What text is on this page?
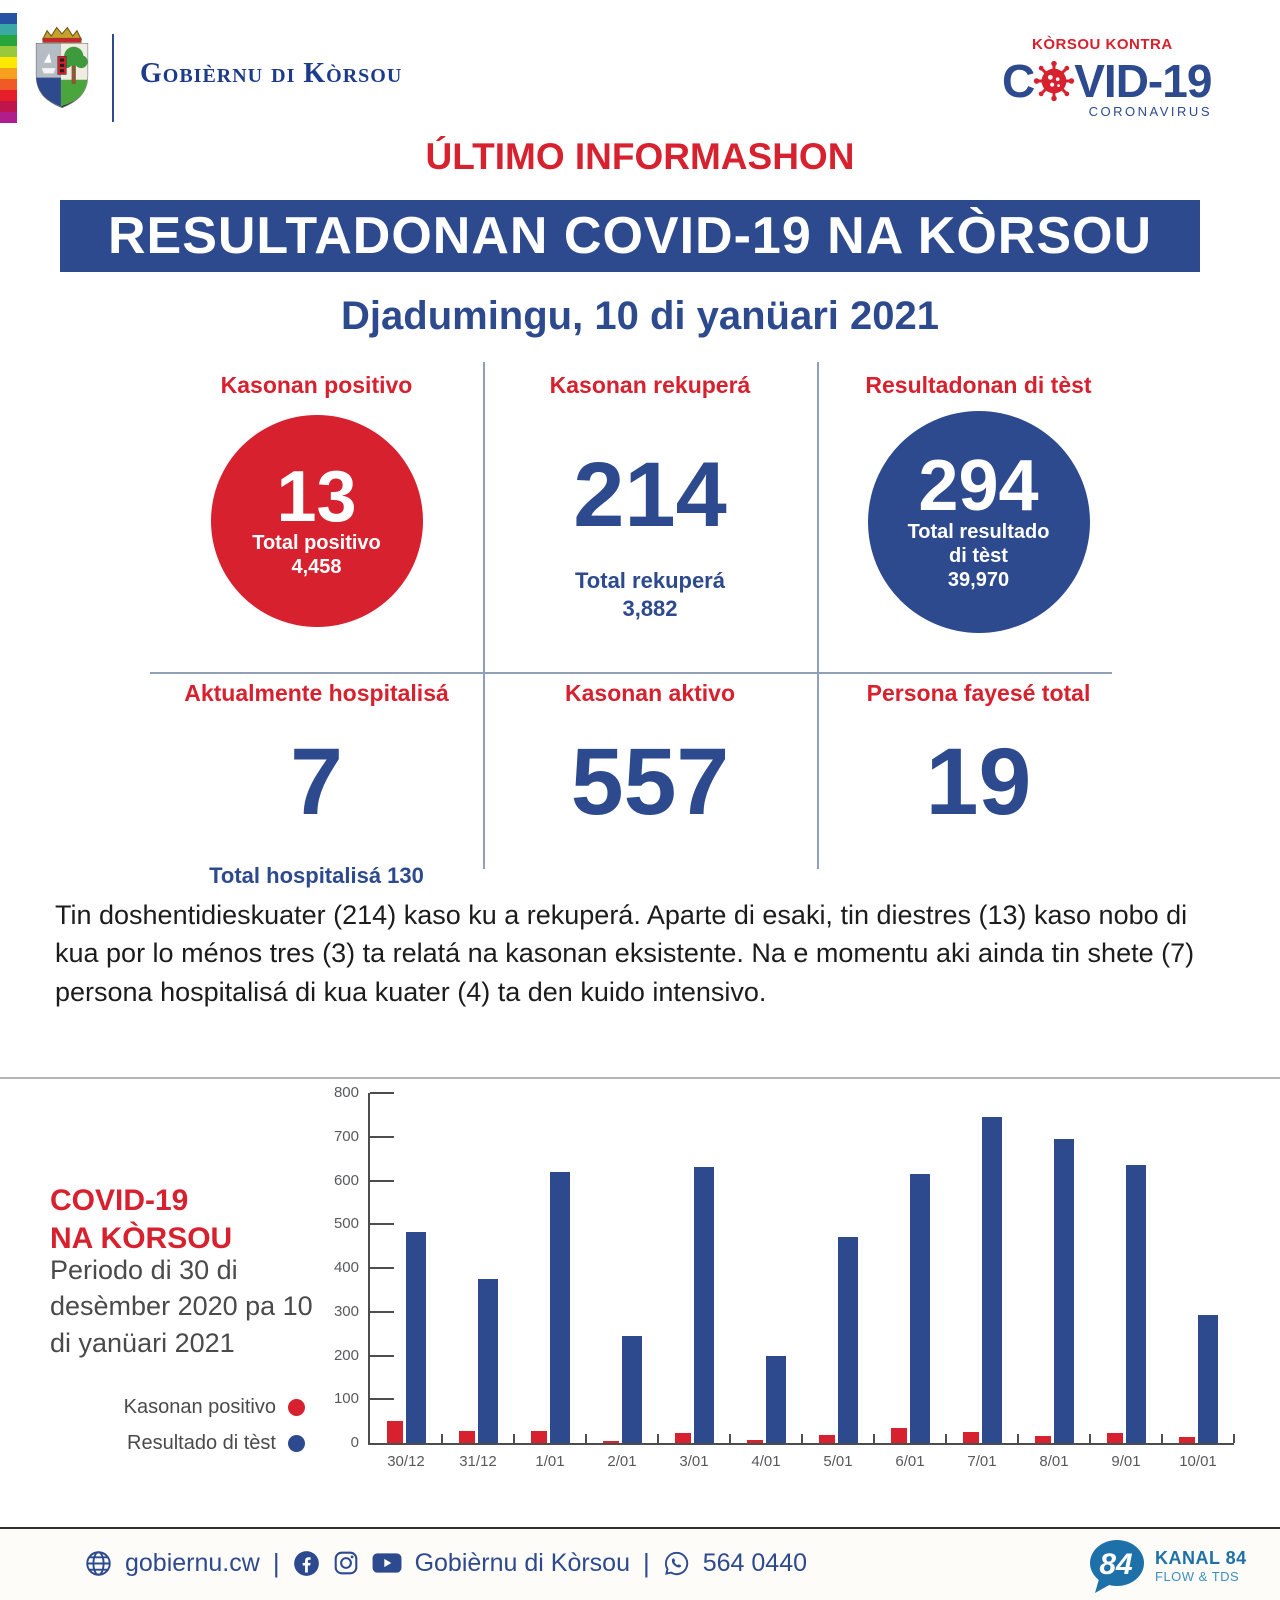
Gobièrnu di Kòrsou
KÒRSOU KONTRA
C VID-19
CORONAVIRUS
ÚLTIMO INFORMASHON
RESULTADONAN COVID-19 NA KÒRSOU
Djadumingu, 10 di yanüari 2021
Kasonan positivo
13
Total positivo
4,458
Kasonan rekuperá
214
Total rekuperá
3,882
Resultadonan di tèst
294
Total resultado
di tèst
39,970
Aktualmente hospitalisá
7
Total hospitalisá 130
Kasonan aktivo
557
Persona fayesé total
19
Tin doshentidieskuater (214) kaso ku a rekuperá. Aparte di esaki, tin diestres (13) kaso nobo di kua por lo ménos tres (3) ta relatá na kasonan eksistente. Na e momentu aki ainda tin shete (7) persona hospitalisá di kua kuater (4) ta den kuido intensivo.
COVID-19
NA KÒRSOU
Periodo di 30 di desèmber 2020 pa 10 di yanüari 2021
Kasonan positivo
Resultado di tèst	0
100
200
300
400
500
600
700
800
30/12	31/12	1/01	2/01	3/01	4/01	5/01	6/01	7/01	8/01	9/01	10/01
gobiernu.cw |	Gobièrnu di Kòrsou | 564 0440	84 KANAL 84
FLOW & TDS
